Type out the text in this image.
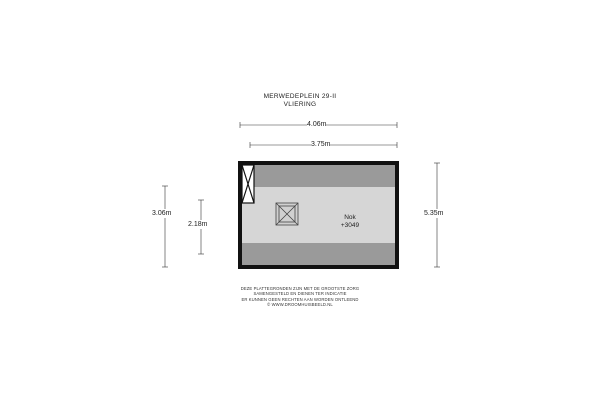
MERWEDEPLEIN 29-II
VLIERING
4.06m
3.75m
3.06m
2.18m
5.35m
Nok
+3049
DEZE PLATTEGRONDEN ZIJN MET DE GROOTSTE ZORG
SAMENGESTELD EN DIENEN TER INDICATIE
ER KUNNEN GEEN RECHTEN AAN WORDEN ONTLEEND
© WWW.DROOMHUISBEELD.NL
